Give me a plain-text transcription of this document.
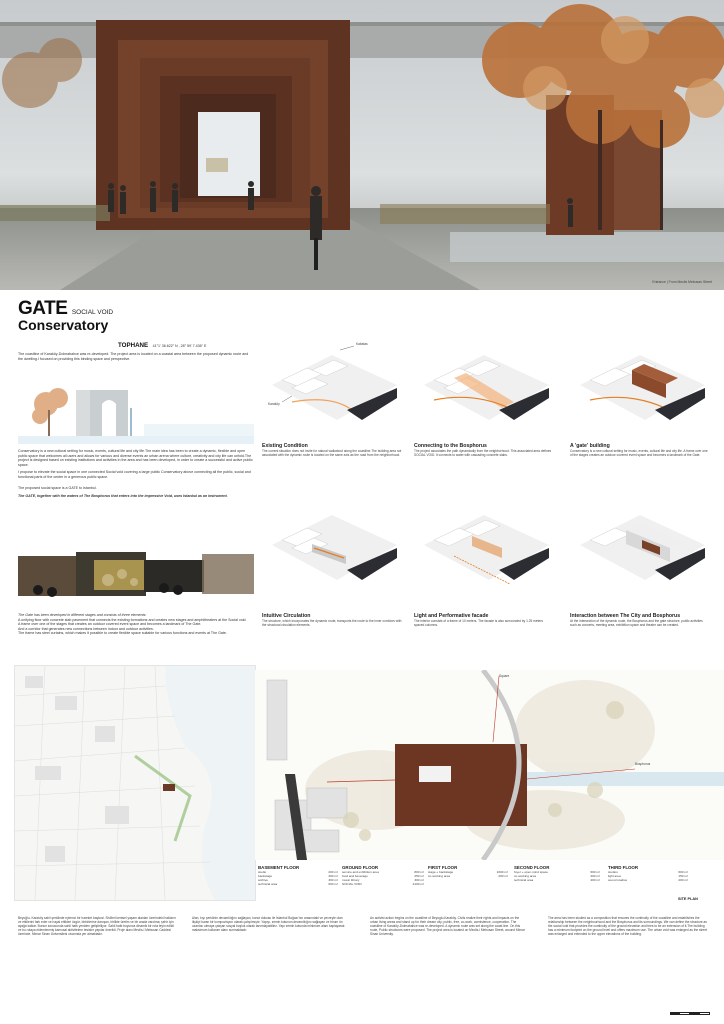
Entrance | From Meclis Mebusan Street
GATE SOCIAL VOID
Conservatory
TOPHANE 41°1' 36.622" N , 28° 59' 7.436" E
The coastline of Karaköy-Dolmabahce was re-developed. The project area is located on a coastal area between the proposed dynamic route and the dwelling.I focused on providing this binding space and perspective.

Conservatory is a new cultural setting for music, events, cultural life and city life.The main idea has been to create a dynamic, flexible and open public space that welcomes all users and allows for various and diverse events an urban arena where culture, creativity and city life can unfold.The project is designed based on existing institutions and activities in the area and has been developed, in order to create a successful and active public space.

I propose to elevate the social space in one connected Social void covering a large public Conservatory above connecting all the public, social and functional parts of the center in a generous public space.

The proposed social space is a GATE to Istanbul.

The GATE, together with the waters of The Bosphorus that enters into the impressive Void, uses Istanbul as an instrument.

The Gate has been developed in different stages and consists of three elements:

A unifying floor with concrete slab pavement that connects the existing formations and creates new stages and amphitheaters at the Social void.

A frame over one of the stages that creates an outdoor covered event space and becomes a landmark of The Gate.

And a corridor that generates new connections between indoor and outdoor activities.

The frame has steel curtains, which makes it possible to create flexible space suitable for various functions and events at The Gate.

Kabatas
Karaköy
Existing Condition
The current situation does not invite for natural walkabout along the coastline.The building area not associated with the dynamic route is located on the same axis as the road from the neighborhood.
Connecting to the Bosphorus
The project associates the path dynamically from the neighborhood. This associated area defines SOCIAL VOID. It connects to water with cascading concrete slabs.
A 'gate' building
Conservatory is a new cultural setting for music, events, cultural life and city life. A frame over one of the stages creates an outdoor covered event space and becomes a landmark of the Gate.
Intuitive Circulation
The structure, which incorporates the dynamic route, transports the route to the inner corridors with the structural circulation elements.
Light and Performative facade
The interior consists of a frame of 10 meters. The facade is also surrounded by 1.25 meters spaced columns.
Interaction between The City and Bosphorus
At the intersection of the dynamic route, the Bosphorus and the gate structure, public activities such as concerts, meeting area, exhibition space and theater can be created.
Square
Bosphorus
BASEMENT FLOOR
studio	200 m²
backstage	300 m²
archive	300 m²
technical area	600 m²
GROUND FLOOR
service and exhibition area	800 m²
food and beverage	250 m²
music library	300 m²
SOCIAL VOID	2100 m²
FIRST FLOOR
stage + backstage	1000 m²
co-working area	200 m²
SECOND FLOOR
foyer + open mind space	600 m²
co-working area	400 m²
technical area	400 m²
THIRD FLOOR
studios	600 m²
light area	150 m²
sound studios	200 m²
SITE PLAN
Beyoğlu- Karaköy sahil şeridinde eylemci bir hareket başkosi. Sivilleri kentsel yaşam alanları üzerindeki hakların ve etkilerini fark eder ve hayal ettikleri özgür, birbirlerine danışan, birlikte üretim ve bir arada varolma; şehir için ayağa kalkar. Bunun sonucunda sahil hattı yeniden geliştiriliyor. Sahil hattı boyunca dinamik bir rota teyin edildi ve bu rotaya eklemlenmiş kamusal aktivitelere tesisler yapılar önerildi. Proje alanı Meclis-i Mebusan Caddesi üzerinde. Mimar Sinan Üniversitesi civarında yer almaktadır.
Alan, kıyı şeridinin devamlılığını sağlayan, konut dokusu ile İstanbul Boğazı'nın arasındaki ve çevreyle olan ilişkiyi kuran bir kompozisyon olarak çalışılmıştır. Yapıyı, zemin kotunun devamlılığını sağlayan ve birum ön uzantısı olmaya çalışan sosyal boşluk olarak tanımlayabiliriz. Yapı zemin kotunda minimum alanı kaplayarak maksimum kullanım alanı sunmaktadır.
An activist action begins on the coastline of Beyoglu-Karaköy. Civils realize their rights and impacts on the urban living areas and stand up for their dream city; public, free, co-work, coexistence, cooperation. The coastline of Karaköy-Dolmabahce was re-developed. A dynamic route was set along the coast line. On this route, Public structures were proposed. The project area is located on Meclis-i Mebusan Street, around Mimar Sinan University.
The area has been studied as a composition that ensures the continuity of the coastline and establishes the relationship between the neighbourhood and the Bosphorus and its surroundings. We can define the structure as the social void that provides the continuity of the ground elevation and tries to be an extension of it.The building has a minimum footprint on the ground level and offers maximum use. The urban void was enlarged as the street was enlarged and extended to the upper elevations of the building.
